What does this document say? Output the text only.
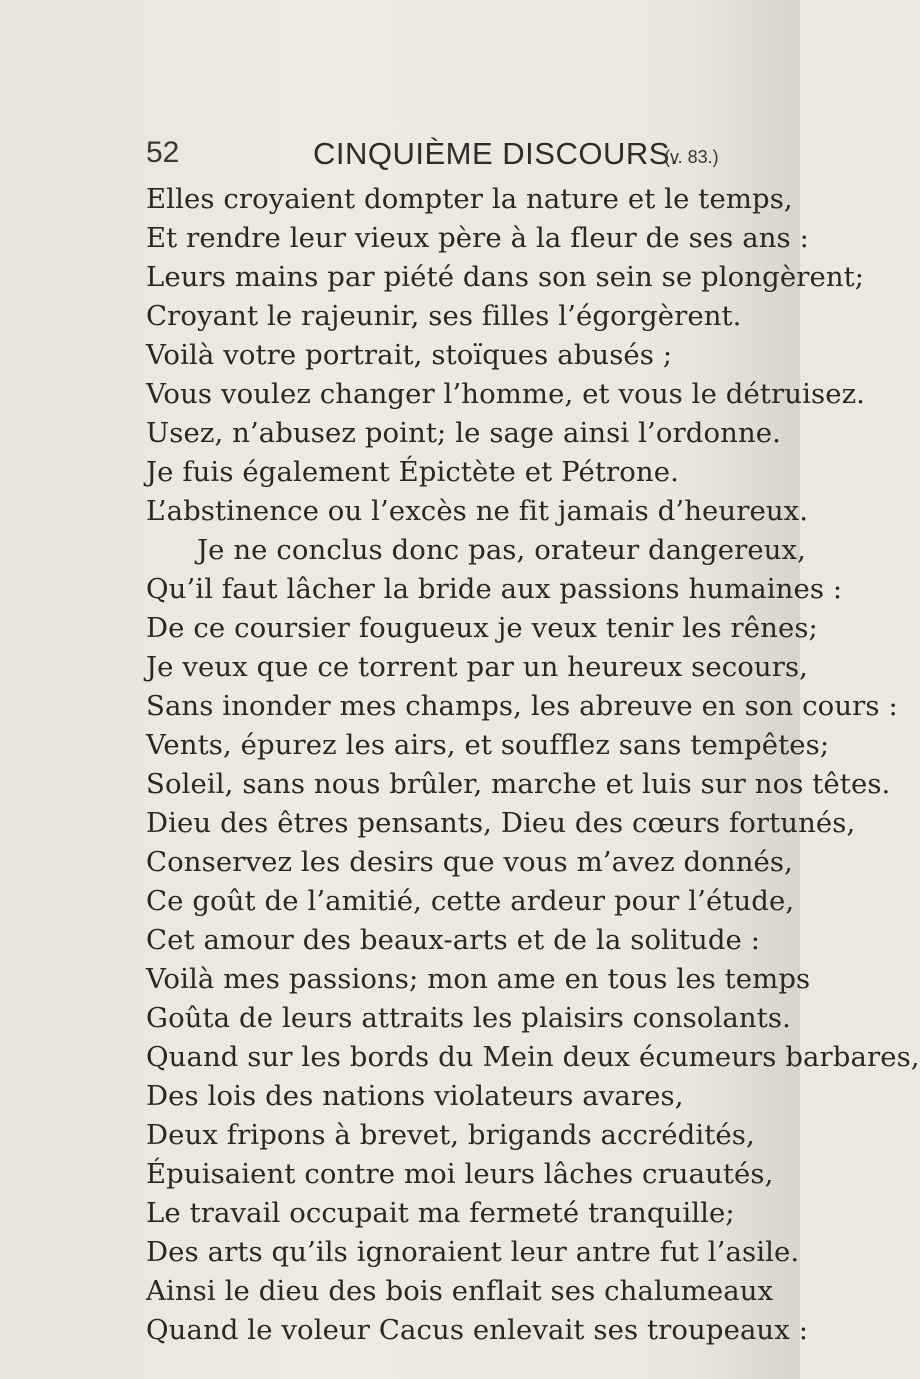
52	CINQUIÈME DISCOURS.
(v. 83.)
Elles croyaient dompter la nature et le temps,
Et rendre leur vieux père à la fleur de ses ans :
Leurs mains par piété dans son sein se plongèrent;
Croyant le rajeunir, ses filles l’égorgèrent.
Voilà votre portrait, stoïques abusés ;
Vous voulez changer l’homme, et vous le détruisez.
Usez, n’abusez point; le sage ainsi l’ordonne.
Je fuis également Épictète et Pétrone.
L’abstinence ou l’excès ne fit jamais d’heureux.
Je ne conclus donc pas, orateur dangereux,
Qu’il faut lâcher la bride aux passions humaines :
De ce coursier fougueux je veux tenir les rênes;
Je veux que ce torrent par un heureux secours,
Sans inonder mes champs, les abreuve en son cours :
Vents, épurez les airs, et soufflez sans tempêtes;
Soleil, sans nous brûler, marche et luis sur nos têtes.
Dieu des êtres pensants, Dieu des cœurs fortunés,
Conservez les desirs que vous m’avez donnés,
Ce goût de l’amitié, cette ardeur pour l’étude,
Cet amour des beaux-arts et de la solitude :
Voilà mes passions; mon ame en tous les temps
Goûta de leurs attraits les plaisirs consolants.
Quand sur les bords du Mein deux écumeurs barbares,
Des lois des nations violateurs avares,
Deux fripons à brevet, brigands accrédités,
Épuisaient contre moi leurs lâches cruautés,
Le travail occupait ma fermeté tranquille;
Des arts qu’ils ignoraient leur antre fut l’asile.
Ainsi le dieu des bois enflait ses chalumeaux
Quand le voleur Cacus enlevait ses troupeaux :
